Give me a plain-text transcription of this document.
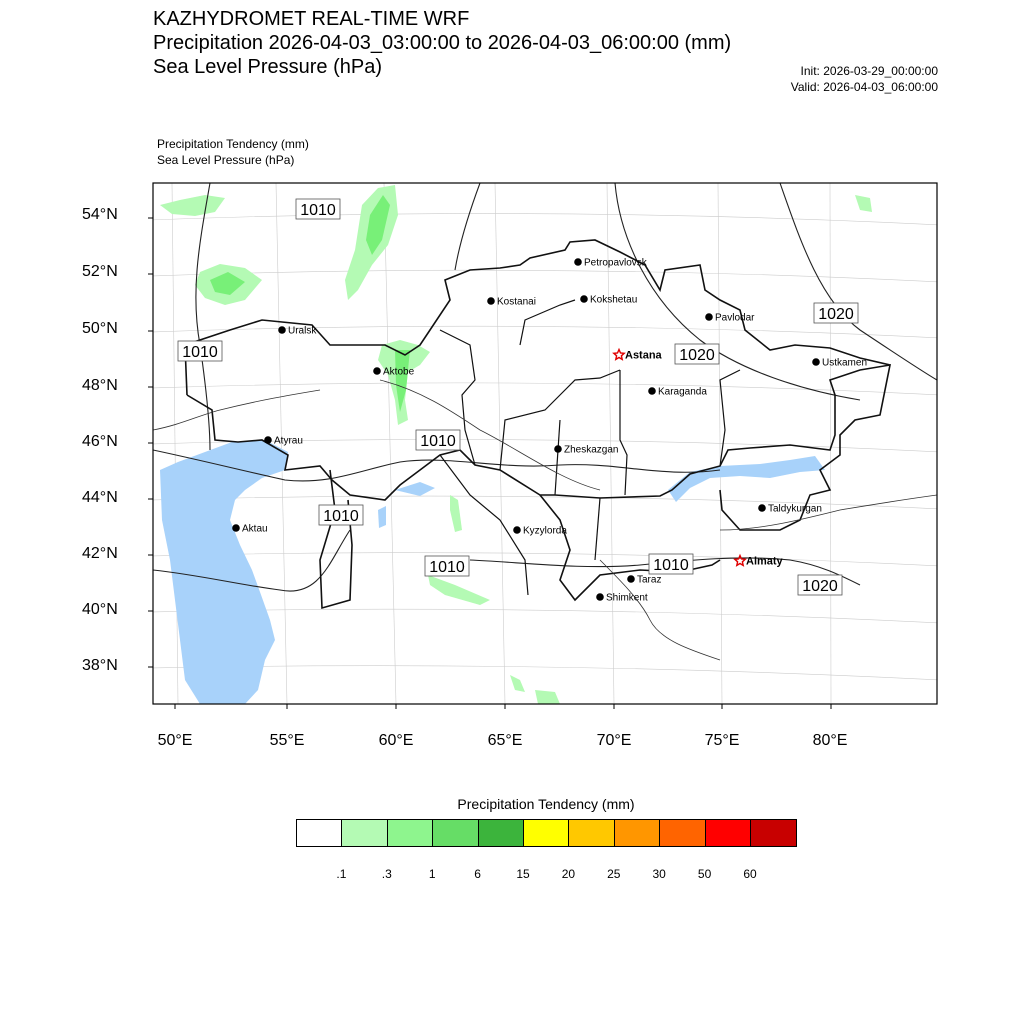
KAZHYDROMET REAL-TIME WRF
Precipitation 2026-04-03_03:00:00 to 2026-04-03_06:00:00 (mm)
Sea Level Pressure (hPa)	Init: 2026-03-29_00:00:00
Valid: 2026-04-03_06:00:00
Precipitation Tendency (mm)
Sea Level Pressure (hPa)
Petropavlovsk
Kostanai	Kokshetau
Pavlodar
Uralsk
Astana
Ustkamen
Aktobe
Karaganda
Atyrau
Zheskazgan
Aktau
Taldykurgan
Kyzylorda
Almaty
Taraz
Shimkent
1010
1010
1010
1010
1010	1010
1020
1020
1020
54°N
52°N
50°N
48°N
46°N
44°N
42°N
40°N
38°N
50°E	55°E	60°E	65°E	70°E	75°E	80°E
Precipitation Tendency (mm)
.1	.3	1	6	15	20	25	30	50	60
